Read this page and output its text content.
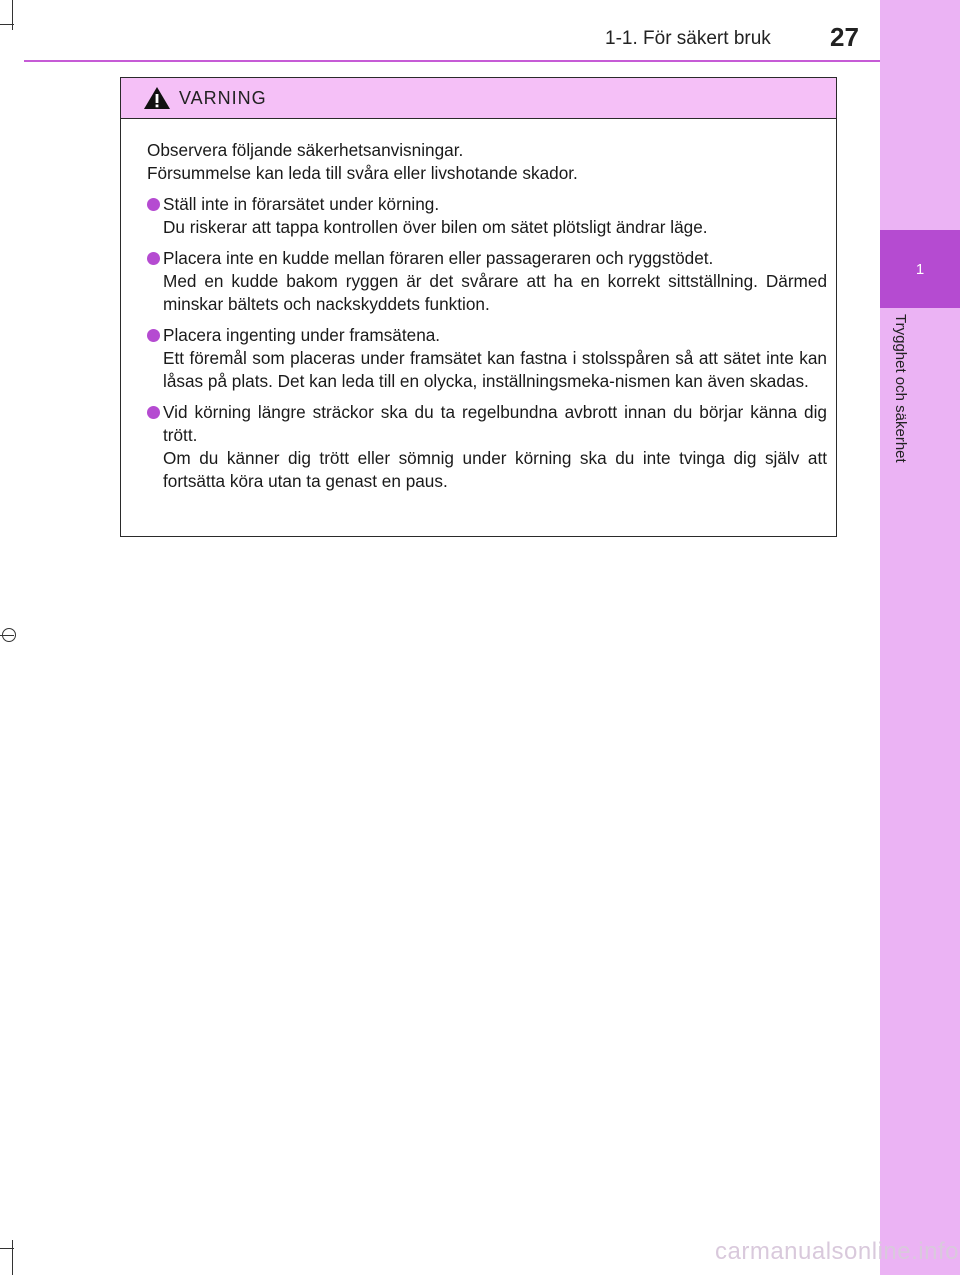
1
Trygghet och säkerhet
1-1. För säkert bruk 27
VARNING

Observera följande säkerhetsanvisningar.

Försummelse kan leda till svåra eller livshotande skador.

Ställ inte in förarsätet under körning.

Du riskerar att tappa kontrollen över bilen om sätet plötsligt ändrar läge.

Placera inte en kudde mellan föraren eller passageraren och ryggstödet.

Med en kudde bakom ryggen är det svårare att ha en korrekt sittställning. Därmed minskar bältets och nackskyddets funktion.

Placera ingenting under framsätena.

Ett föremål som placeras under framsätet kan fastna i stolsspåren så att sätet inte kan låsas på plats. Det kan leda till en olycka, inställningsmeka-nismen kan även skadas.

Vid körning längre sträckor ska du ta regelbundna avbrott innan du börjar känna dig trött.

Om du känner dig trött eller sömnig under körning ska du inte tvinga dig själv att fortsätta köra utan ta genast en paus.

carmanualsonline.info
